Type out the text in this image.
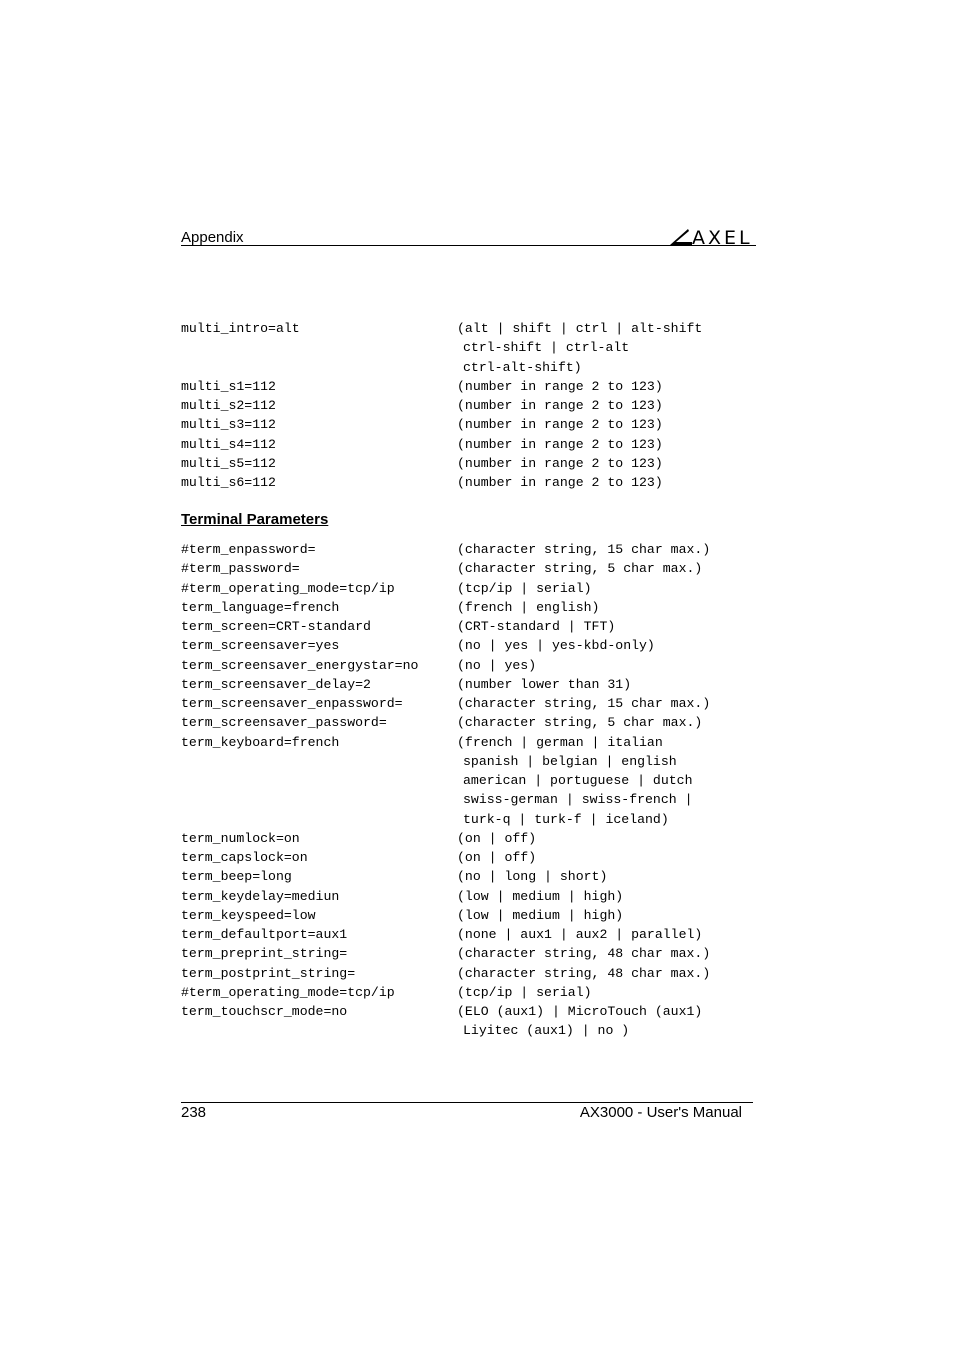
Appendix	AXEL
multi_intro=alt	(alt | shift | ctrl | alt-shift
ctrl-shift | ctrl-alt
ctrl-alt-shift)
multi_s1=112	(number in range 2 to 123)
multi_s2=112	(number in range 2 to 123)
multi_s3=112	(number in range 2 to 123)
multi_s4=112	(number in range 2 to 123)
multi_s5=112	(number in range 2 to 123)
multi_s6=112	(number in range 2 to 123)
Terminal Parameters
#term_enpassword=	(character string, 15 char max.)
#term_password=	(character string, 5 char max.)
#term_operating_mode=tcp/ip	(tcp/ip | serial)
term_language=french	(french | english)
term_screen=CRT-standard	(CRT-standard | TFT)
term_screensaver=yes	(no | yes | yes-kbd-only)
term_screensaver_energystar=no	(no | yes)
term_screensaver_delay=2	(number lower than 31)
term_screensaver_enpassword=	(character string, 15 char max.)
term_screensaver_password=	(character string, 5 char max.)
term_keyboard=french	(french | german | italian
spanish | belgian | english
american | portuguese | dutch
swiss-german | swiss-french |
turk-q | turk-f | iceland)
term_numlock=on	(on | off)
term_capslock=on	(on | off)
term_beep=long	(no | long | short)
term_keydelay=mediun	(low | medium | high)
term_keyspeed=low	(low | medium | high)
term_defaultport=aux1	(none | aux1 | aux2 | parallel)
term_preprint_string=	(character string, 48 char max.)
term_postprint_string=	(character string, 48 char max.)
#term_operating_mode=tcp/ip	(tcp/ip | serial)
term_touchscr_mode=no	(ELO (aux1) | MicroTouch (aux1)
Liyitec (aux1) | no )
238	AX3000 - User's Manual
